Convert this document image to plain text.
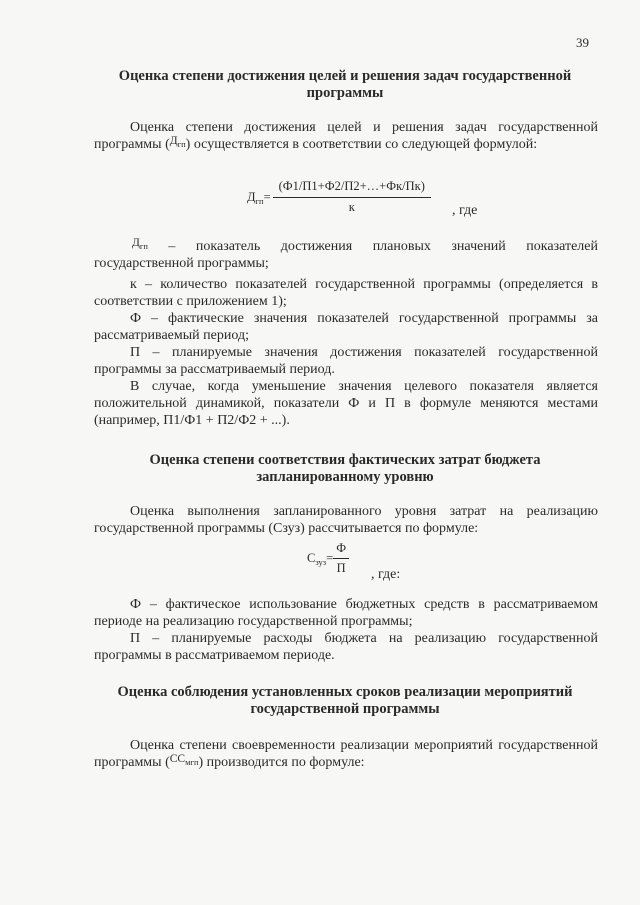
39
Оценка степени достижения целей и решения задач государственной
программы
Оценка степени достижения целей и решения задач государственной программы ($^{Д_{гп}}$) осуществляется в соответствии со следующей формулой:
$Д_{гп}= \frac{(Ф1/П1+Ф2/П2+\dots+Фк/Пк)}{к}$ , где
$^{Д_{гп}}$ – показатель достижения плановых значений показателей государственной программы;
к – количество показателей государственной программы (определяется в соответствии с приложением 1);
Ф – фактические значения показателей государственной программы за рассматриваемый период;
П – планируемые значения достижения показателей государственной программы за рассматриваемый период.
В случае, когда уменьшение значения целевого показателя является положительной динамикой, показатели Ф и П в формуле меняются местами (например, П1/Ф1 + П2/Ф2 + ...).
Оценка степени соответствия фактических затрат бюджета
запланированному уровню
Оценка выполнения запланированного уровня затрат на реализацию государственной программы (Сзуз) рассчитывается по формуле:
$С_{зуз}= \frac{Ф}{П}$ , где:
Ф – фактическое использование бюджетных средств в рассматриваемом периоде на реализацию государственной программы;
П – планируемые расходы бюджета на реализацию государственной программы в рассматриваемом периоде.
Оценка соблюдения установленных сроков реализации мероприятий
государственной программы
Оценка степени своевременности реализации мероприятий государственной программы ($^{СС_{мгп}}$) производится по формуле:
